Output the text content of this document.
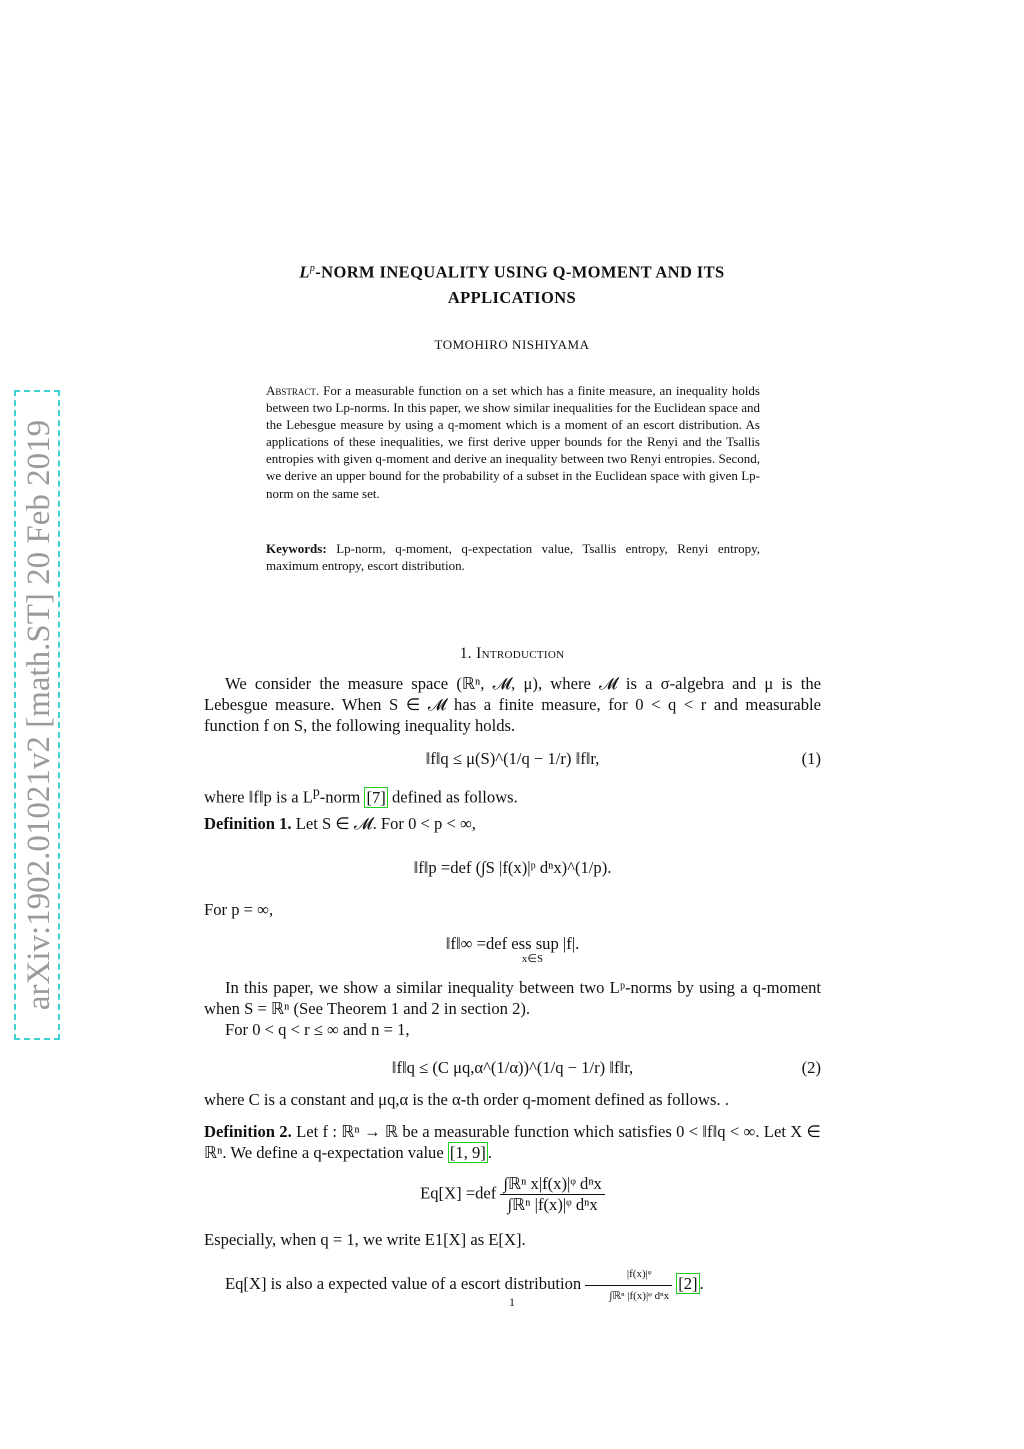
arXiv:1902.01021v2 [math.ST] 20 Feb 2019
$L^p$-NORM INEQUALITY USING Q-MOMENT AND ITS
APPLICATIONS
TOMOHIRO NISHIYAMA
Abstract. For a measurable function on a set which has a finite measure, an inequality holds between two Lp-norms. In this paper, we show similar inequalities for the Euclidean space and the Lebesgue measure by using a q-moment which is a moment of an escort distribution. As applications of these inequalities, we first derive upper bounds for the Renyi and the Tsallis entropies with given q-moment and derive an inequality between two Renyi entropies. Second, we derive an upper bound for the probability of a subset in the Euclidean space with given Lp-norm on the same set.
Keywords: Lp-norm, q-moment, q-expectation value, Tsallis entropy, Renyi entropy, maximum entropy, escort distribution.
1. Introduction
We consider the measure space (ℝⁿ, 𝓜, μ), where 𝓜 is a σ-algebra and μ is the Lebesgue measure. When S ∈ 𝓜 has a finite measure, for 0 < q < r and measurable function f on S, the following inequality holds.
‖f‖q ≤ μ(S)^(1/q − 1/r) ‖f‖r,	(1)
where ‖f‖p is a $L^p$-norm [7] defined as follows.
Definition 1. Let S ∈ 𝓜. For 0 < p < ∞,
‖f‖p =def (∫S |f(x)|ᵖ dⁿx)^(1/p).
For p = ∞,
‖f‖∞ =def ess sup |f|.
x∈S
In this paper, we show a similar inequality between two Lᵖ-norms by using a q-moment when S = ℝⁿ (See Theorem 1 and 2 in section 2).
For 0 < q < r ≤ ∞ and n = 1,
‖f‖q ≤ (C μq,α^(1/α))^(1/q − 1/r) ‖f‖r,	(2)
where C is a constant and μq,α is the α-th order q-moment defined as follows. .
Definition 2. Let f : ℝⁿ → ℝ be a measurable function which satisfies 0 < ‖f‖q < ∞. Let X ∈ ℝⁿ. We define a q-expectation value [1, 9] .
$Eq[X] =def \frac{\text{∫ℝⁿ x|f(x)|ᵠ dⁿx}}{\text{∫ℝⁿ |f(x)|ᵠ dⁿx}}$
Especially, when q = 1, we write E1[X] as E[X].
Eq[X] is also a expected value of a escort distribution $\frac{\text{|f(x)|ᵠ}}{\text{∫ℝⁿ |f(x)|ᵠ dⁿx}} [2]$ .
1
